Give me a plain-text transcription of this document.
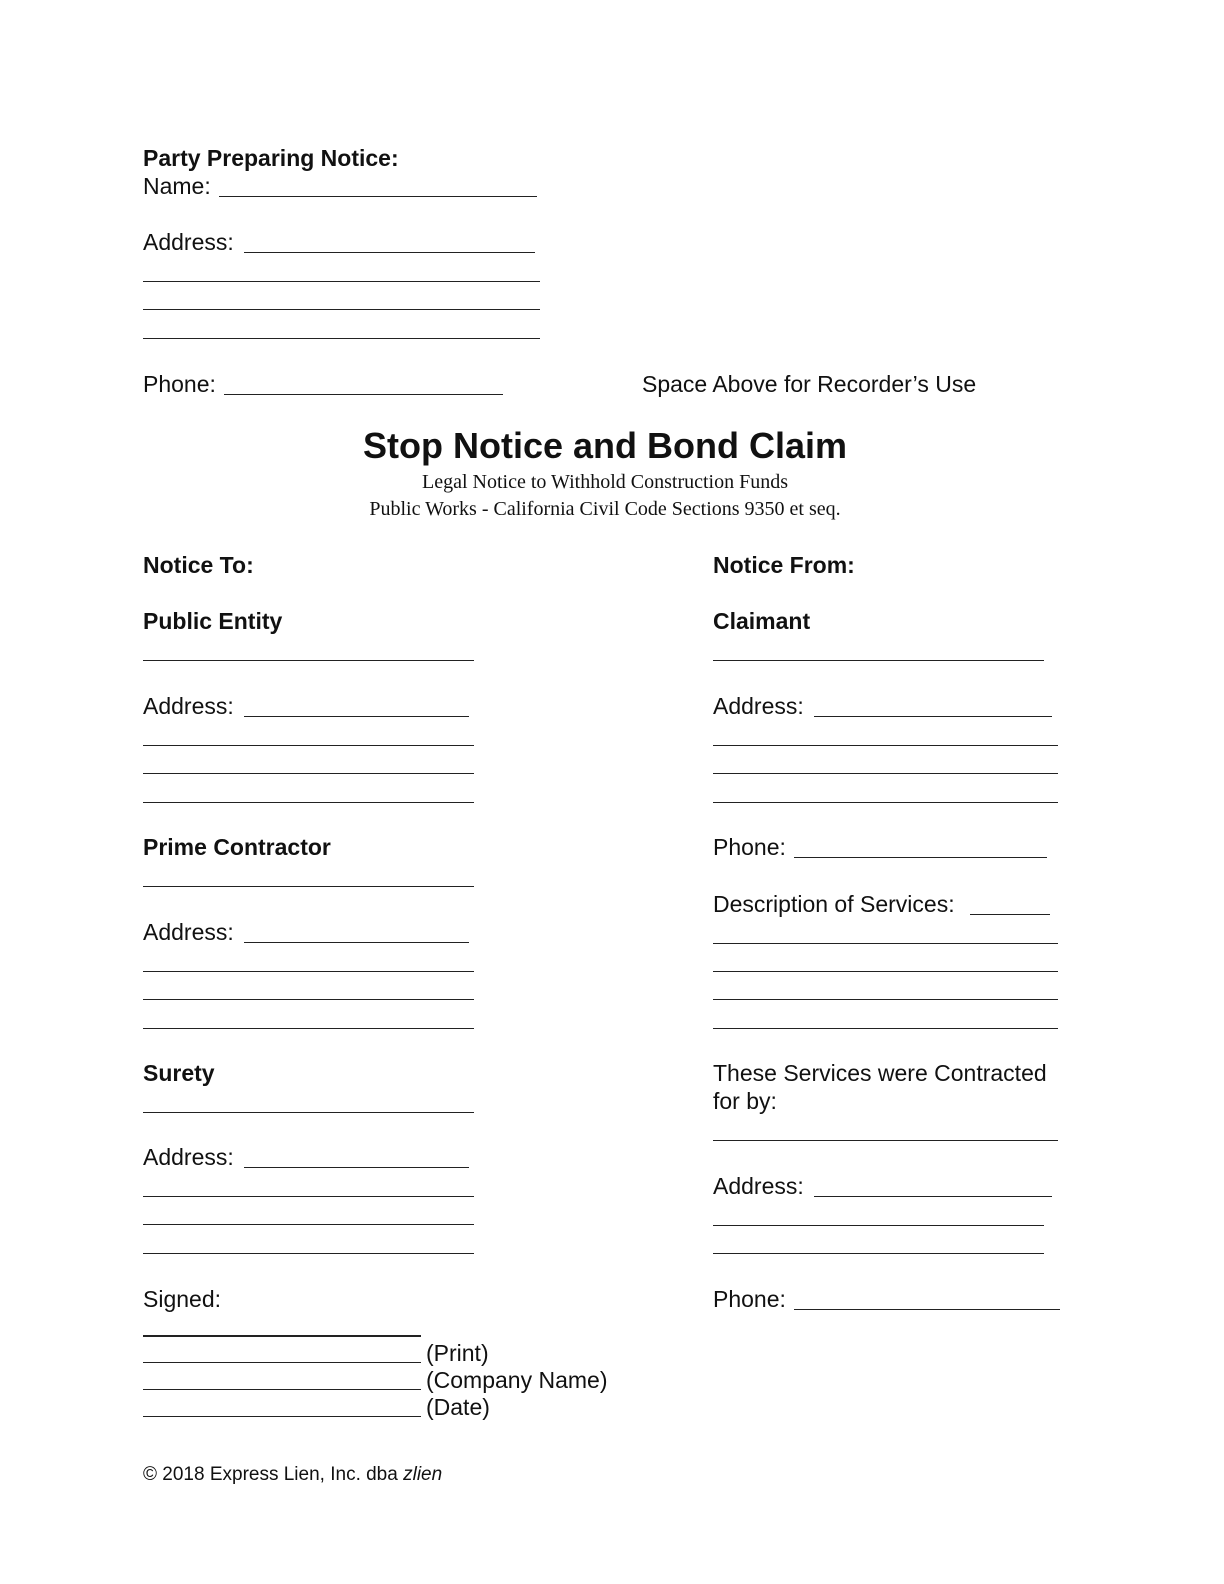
Party Preparing Notice:
Name:
Address:
Phone:	Space Above for Recorder’s Use
Stop Notice and Bond Claim
Legal Notice to Withhold Construction Funds
Public Works - California Civil Code Sections 9350 et seq.
Notice To:
Public Entity
Address:
Prime Contractor
Address:
Surety
Address:
Signed:
(Print)
(Company Name)
(Date)
Notice From:
Claimant
Address:
Phone:
Description of Services:
These Services were Contracted
for by:
Address:
Phone:
© 2018 Express Lien, Inc. dba zlien
